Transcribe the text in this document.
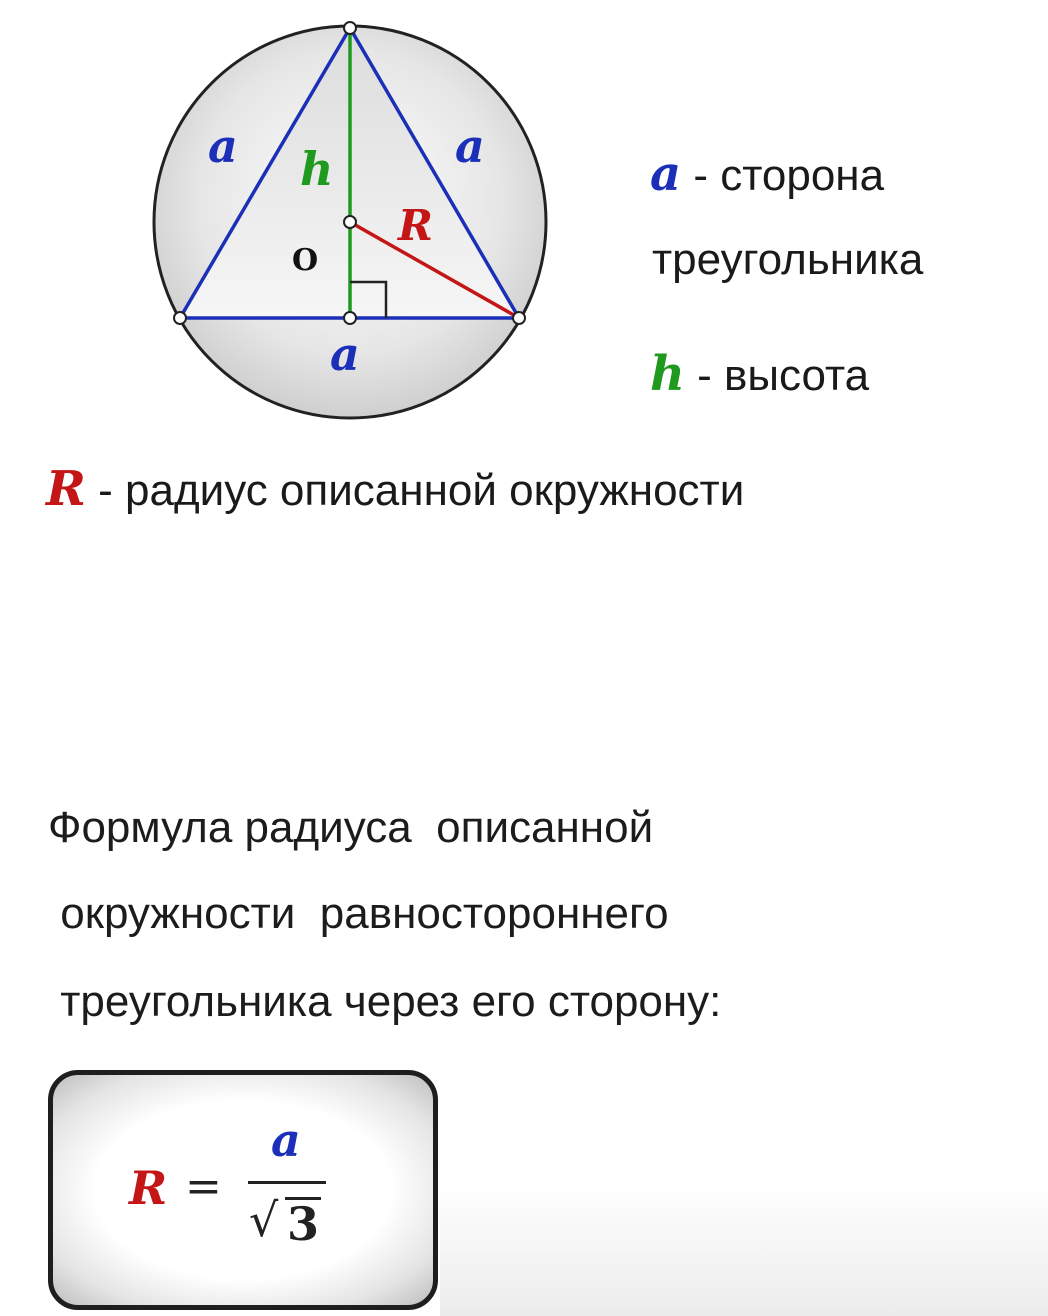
a	a
a
h
R
O
a - сторона
треугольника
h - высота
R - радиус описанной окружности
Формула радиуса  описанной
окружности  равностороннего
треугольника через его сторону:
R =
a
√ 3
